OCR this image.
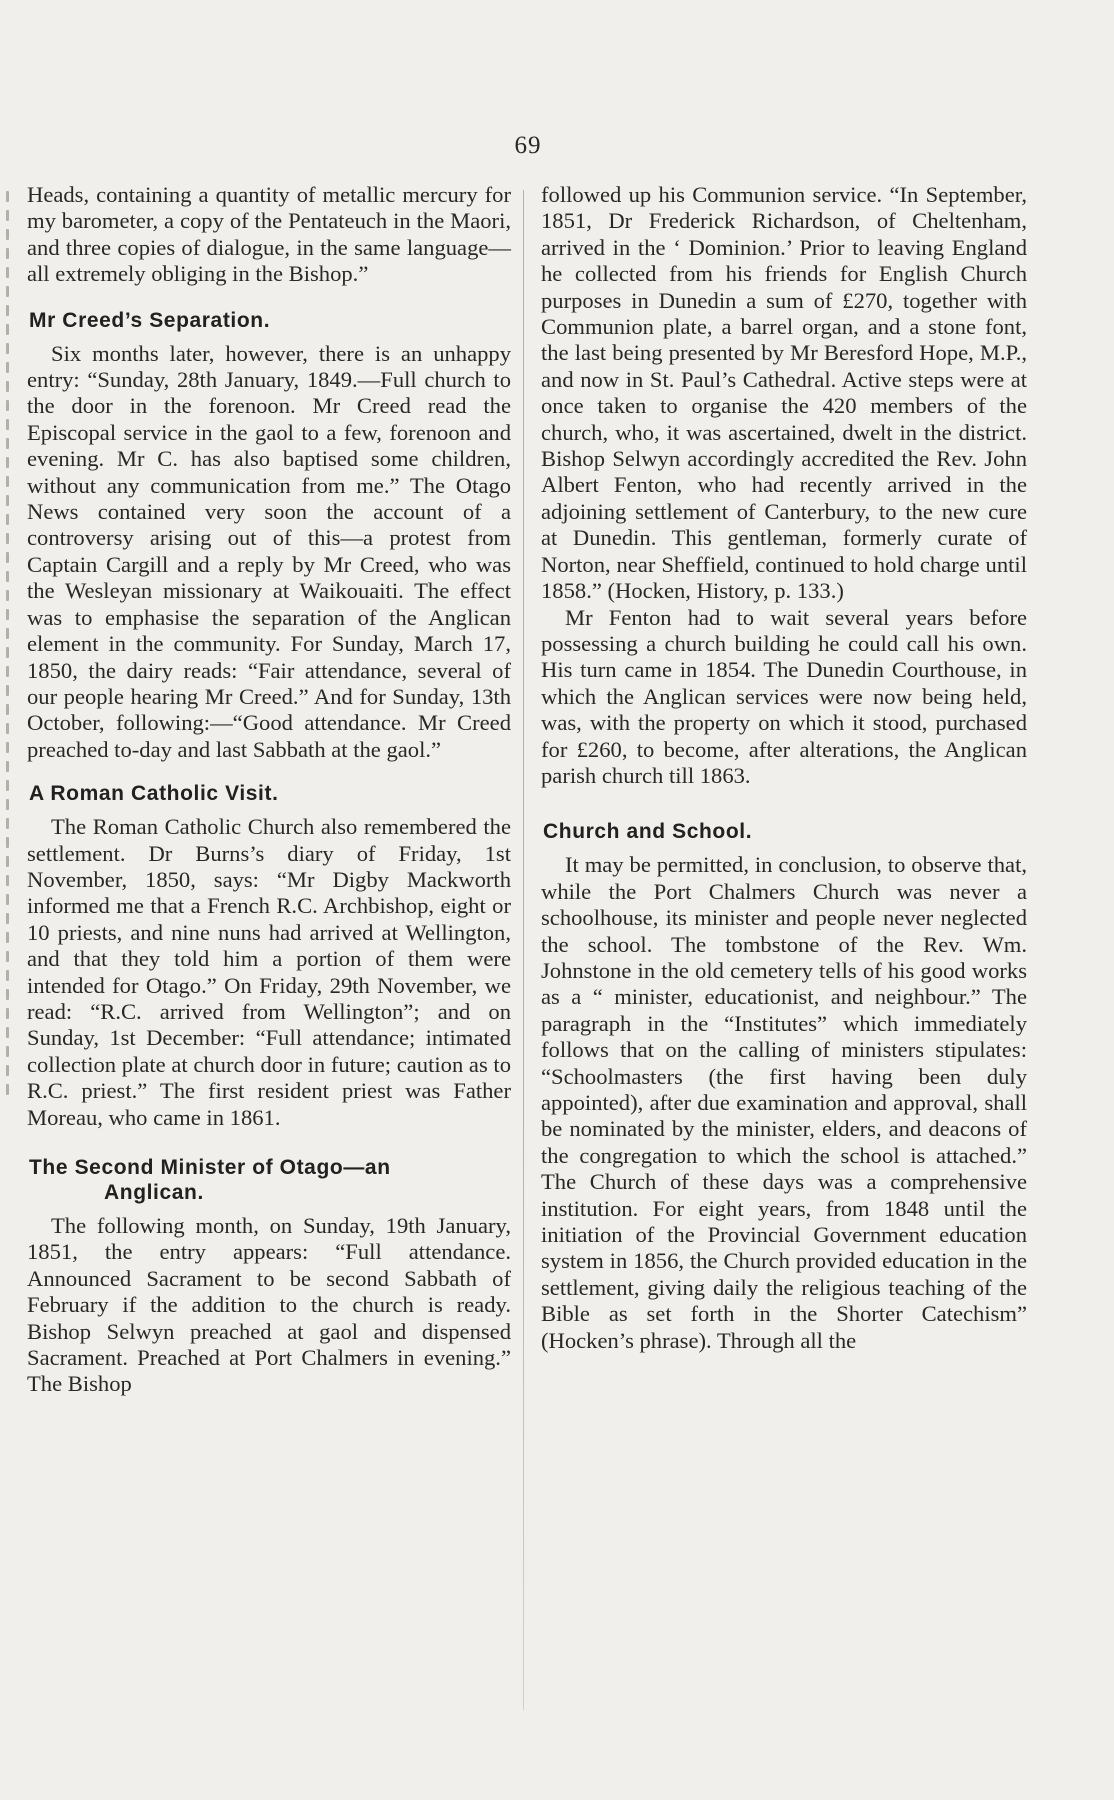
69

Heads, containing a quantity of metallic mercury for my barometer, a copy of the Pentateuch in the Maori, and three copies of dialogue, in the same language—all extremely obliging in the Bishop.”

Mr Creed’s Separation.

Six months later, however, there is an unhappy entry: “Sunday, 28th January, 1849.—Full church to the door in the forenoon. Mr Creed read the Episcopal service in the gaol to a few, forenoon and evening. Mr C. has also baptised some children, without any communication from me.” The Otago News contained very soon the account of a controversy arising out of this—a protest from Captain Cargill and a reply by Mr Creed, who was the Wesleyan missionary at Waikouaiti. The effect was to emphasise the separation of the Anglican element in the community. For Sunday, March 17, 1850, the dairy reads: “Fair attendance, several of our people hearing Mr Creed.” And for Sunday, 13th October, following:—“Good attendance. Mr Creed preached to-day and last Sabbath at the gaol.”

A Roman Catholic Visit.

The Roman Catholic Church also remembered the settlement. Dr Burns’s diary of Friday, 1st November, 1850, says: “Mr Digby Mackworth informed me that a French R.C. Archbishop, eight or 10 priests, and nine nuns had arrived at Wellington, and that they told him a portion of them were intended for Otago.” On Friday, 29th November, we read: “R.C. arrived from Wellington”; and on Sunday, 1st December: “Full attendance; intimated collection plate at church door in future; caution as to R.C. priest.” The first resident priest was Father Moreau, who came in 1861.

The Second Minister of Otago—an
Anglican.

The following month, on Sunday, 19th January, 1851, the entry appears: “Full attendance. Announced Sacrament to be second Sabbath of February if the addition to the church is ready. Bishop Selwyn preached at gaol and dispensed Sacrament. Preached at Port Chalmers in evening.” The Bishop

followed up his Communion service. “In September, 1851, Dr Frederick Richardson, of Cheltenham, arrived in the ‘ Dominion.’ Prior to leaving England he collected from his friends for English Church purposes in Dunedin a sum of £270, together with Communion plate, a barrel organ, and a stone font, the last being presented by Mr Beresford Hope, M.P., and now in St. Paul’s Cathedral. Active steps were at once taken to organise the 420 members of the church, who, it was ascertained, dwelt in the district. Bishop Selwyn accordingly accredited the Rev. John Albert Fenton, who had recently arrived in the adjoining settlement of Canterbury, to the new cure at Dunedin. This gentleman, formerly curate of Norton, near Sheffield, continued to hold charge until 1858.” (Hocken, History, p. 133.)

Mr Fenton had to wait several years before possessing a church building he could call his own. His turn came in 1854. The Dunedin Courthouse, in which the Anglican services were now being held, was, with the property on which it stood, purchased for £260, to become, after alterations, the Anglican parish church till 1863.

Church and School.

It may be permitted, in conclusion, to observe that, while the Port Chalmers Church was never a schoolhouse, its minister and people never neglected the school. The tombstone of the Rev. Wm. Johnstone in the old cemetery tells of his good works as a “ minister, educationist, and neighbour.” The paragraph in the “Institutes” which immediately follows that on the calling of ministers stipulates: “Schoolmasters (the first having been duly appointed), after due examination and approval, shall be nominated by the minister, elders, and deacons of the congregation to which the school is attached.” The Church of these days was a comprehensive institution. For eight years, from 1848 until the initiation of the Provincial Government education system in 1856, the Church provided education in the settlement, giving daily the religious teaching of the Bible as set forth in the Shorter Catechism” (Hocken’s phrase). Through all the
